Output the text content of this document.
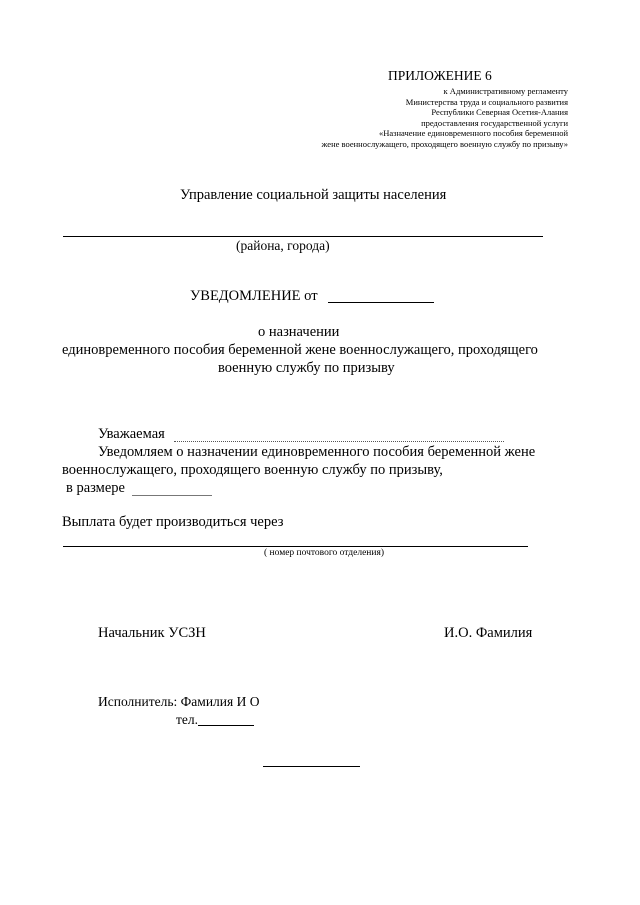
ПРИЛОЖЕНИЕ 6
к Административному регламенту
Министерства труда и социального развития
Республики Северная Осетия-Алания
предоставления государственной услуги
«Назначение единовременного пособия беременной
жене военнослужащего, проходящего военную службу по призыву»
Управление социальной защиты населения
(района, города)
УВЕДОМЛЕНИЕ от
о назначении
единовременного пособия беременной жене военнослужащего, проходящего
военную службу по призыву
Уважаемая
Уведомляем о назначении единовременного пособия беременной жене
военнослужащего, проходящего военную службу по призыву,
в размере
Выплата будет производиться через
( номер почтового отделения)
Начальник УСЗН	И.О. Фамилия
Исполнитель: Фамилия И О
тел.
